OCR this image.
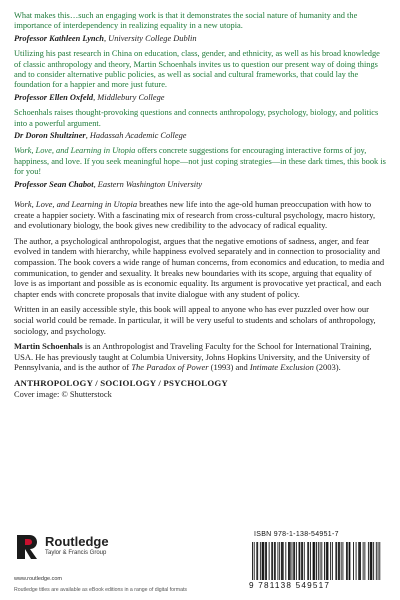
What makes this…such an engaging work is that it demonstrates the social nature of humanity and the importance of interdependency in realizing equality in a new utopia.

Professor Kathleen Lynch, University College Dublin

Utilizing his past research in China on education, class, gender, and ethnicity, as well as his broad knowledge of classic anthropology and theory, Martin Schoenhals invites us to question our present way of doing things and to consider alternative public policies, as well as social and cultural frameworks, that could lay the foundation for a happier and more just future.

Professor Ellen Oxfeld, Middlebury College

Schoenhals raises thought-provoking questions and connects anthropology, psychology, biology, and politics into a powerful argument.

Dr Doron Shultziner, Hadassah Academic College

Work, Love, and Learning in Utopia offers concrete suggestions for encouraging interactive forms of joy, happiness, and love. If you seek meaningful hope—not just coping strategies—in these dark times, this book is for you!

Professor Sean Chabot, Eastern Washington University

Work, Love, and Learning in Utopia breathes new life into the age-old human preoccupation with how to create a happier society. With a fascinating mix of research from cross-cultural psychology, macro history, and evolutionary biology, the book gives new credibility to the advocacy of radical equality.

The author, a psychological anthropologist, argues that the negative emotions of sadness, anger, and fear evolved in tandem with hierarchy, while happiness evolved separately and in connection to prosociality and compassion. The book covers a wide range of human concerns, from economics and education, to media and communication, to gender and sexuality. It breaks new boundaries with its scope, arguing that equality of love is as important and possible as is economic equality. Its argument is provocative yet practical, and each chapter ends with concrete proposals that invite dialogue with any student of policy.

Written in an easily accessible style, this book will appeal to anyone who has ever puzzled over how our social world could be remade. In particular, it will be very useful to students and scholars of anthropology, sociology, and psychology.

Martin Schoenhals is an Anthropologist and Traveling Faculty for the School for International Training, USA. He has previously taught at Columbia University, Johns Hopkins University, and the University of Pennsylvania, and is the author of The Paradox of Power (1993) and Intimate Exclusion (2003).

ANTHROPOLOGY / SOCIOLOGY / PSYCHOLOGY

Cover image: © Shutterstock

Routledge
Taylor & Francis Group
www.routledge.com
Routledge titles are available as eBook editions in a range of digital formats
ISBN 978-1-138-54951-7
9 781138 549517
